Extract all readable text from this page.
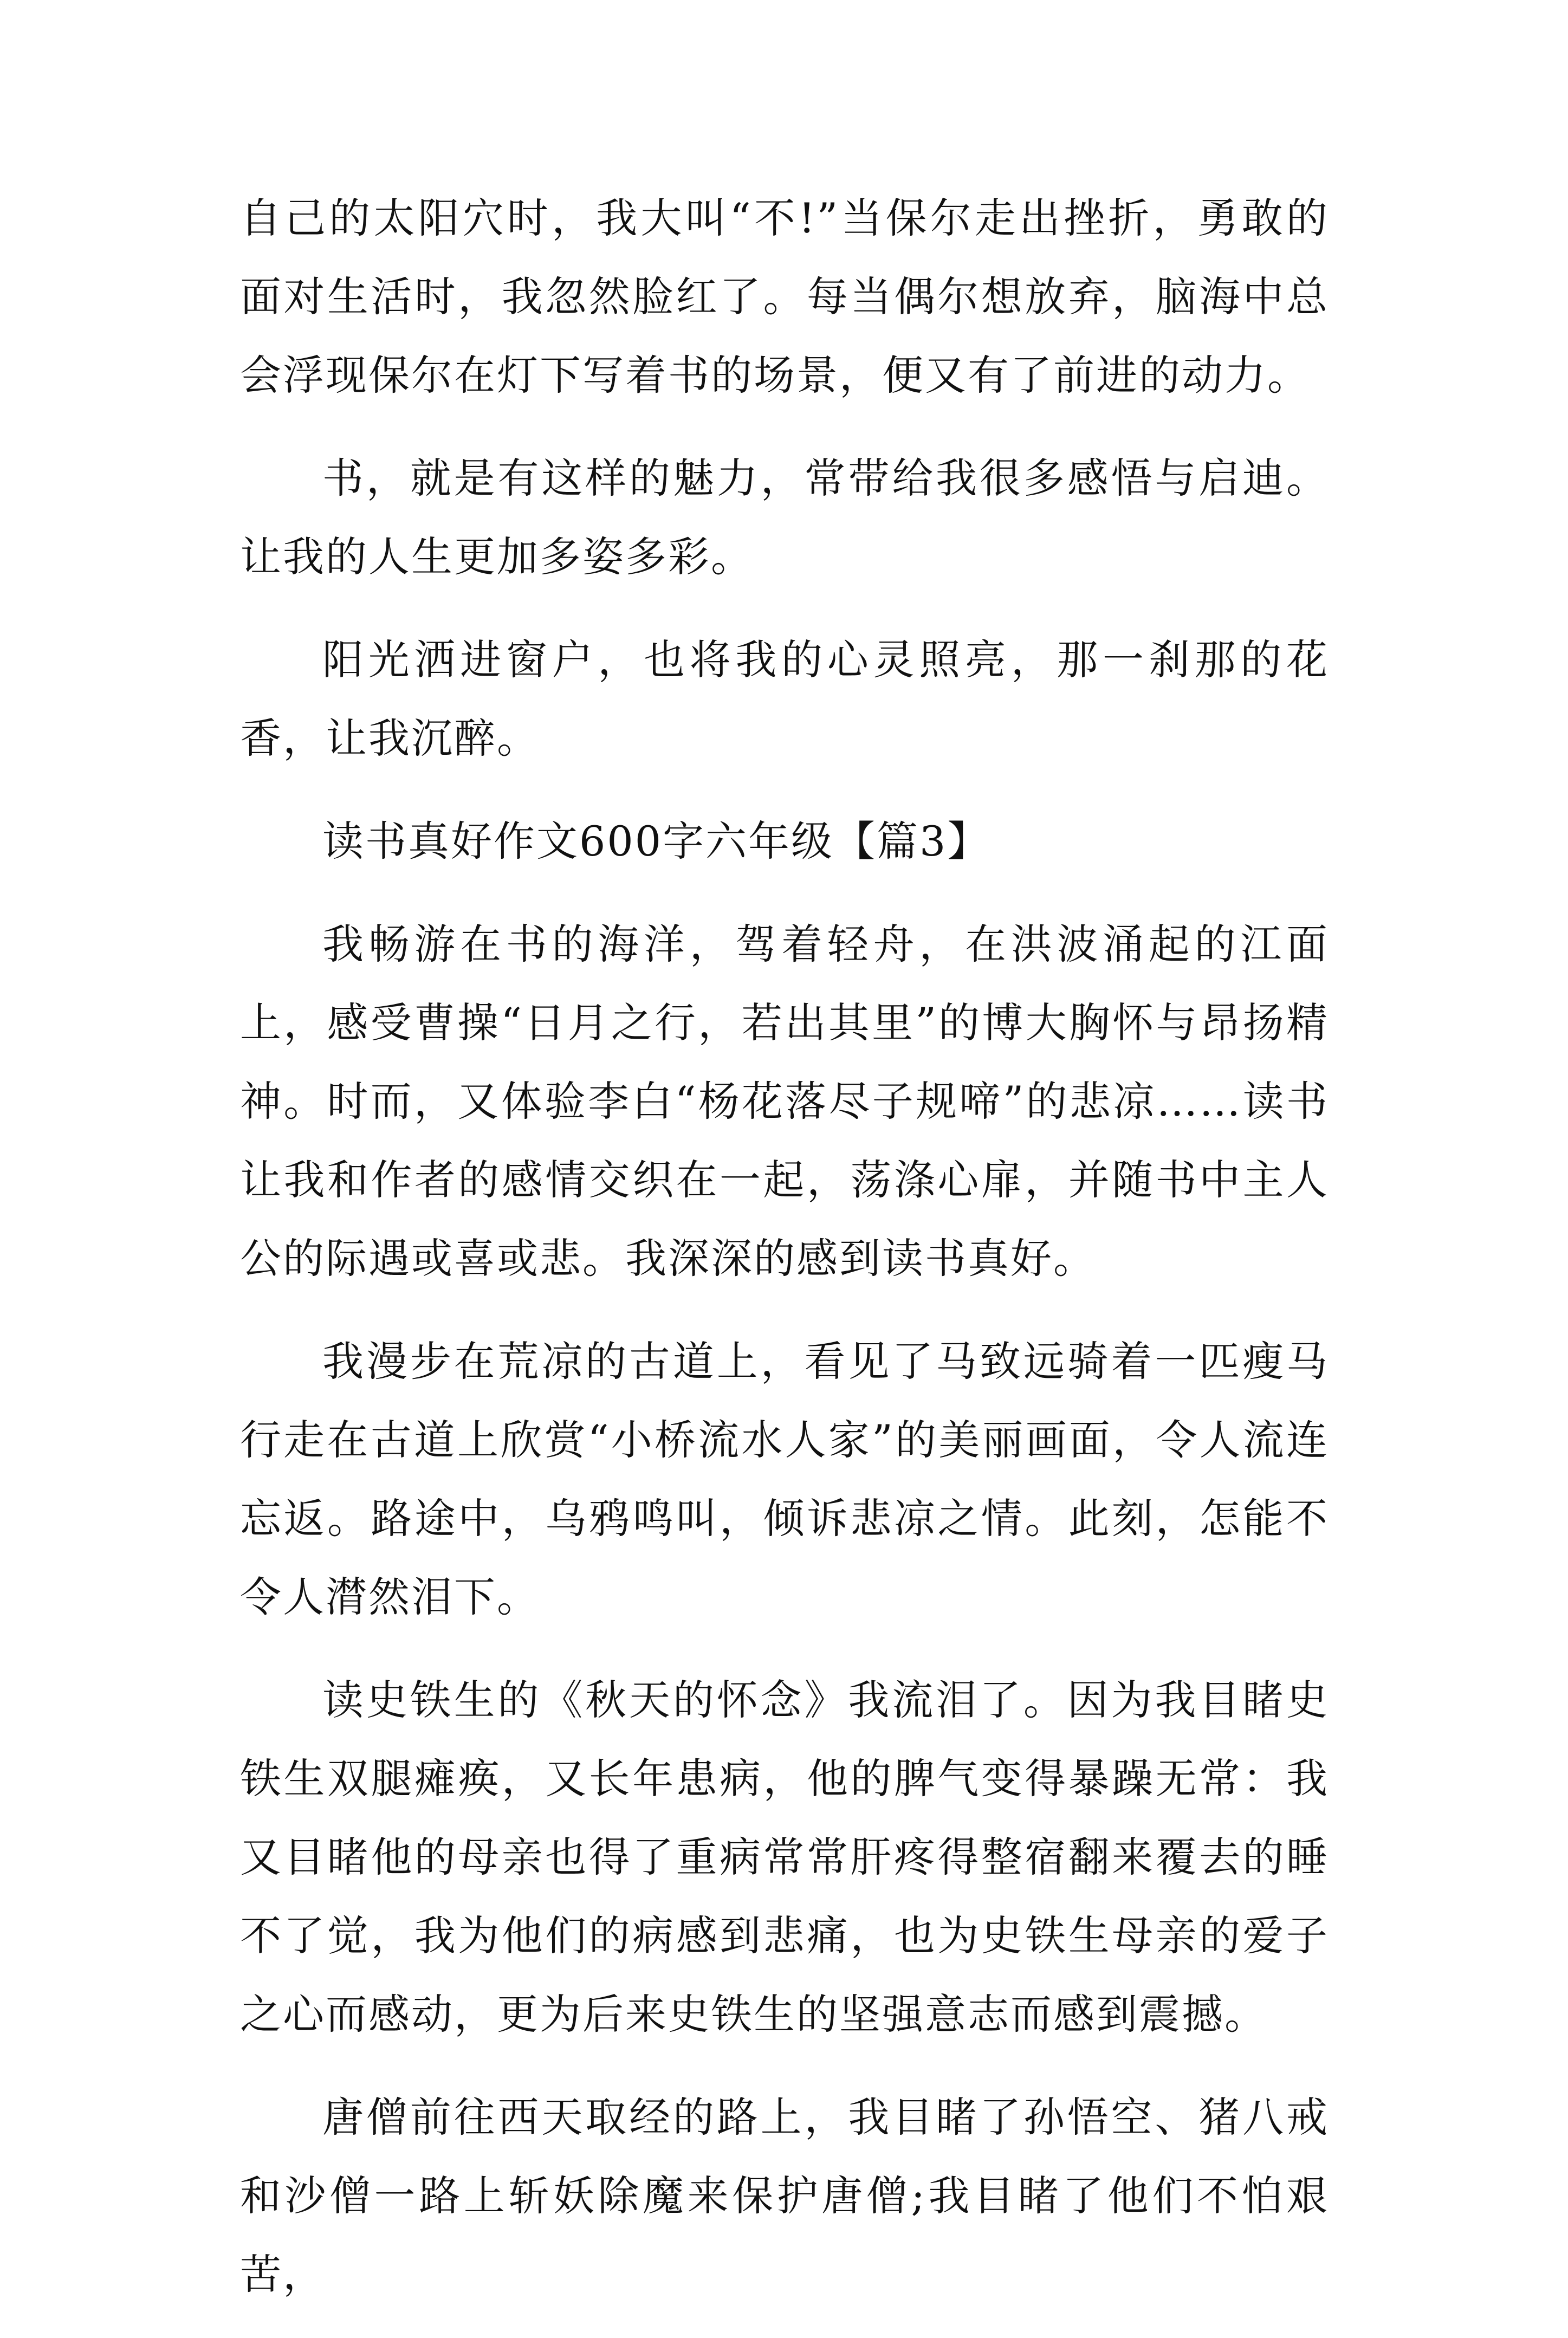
自己的太阳穴时，我大叫“不!”当保尔走出挫折，勇敢的面对生活时，我忽然脸红了。每当偶尔想放弃，脑海中总会浮现保尔在灯下写着书的场景，便又有了前进的动力。

书，就是有这样的魅力，常带给我很多感悟与启迪。让我的人生更加多姿多彩。

阳光洒进窗户，也将我的心灵照亮，那一刹那的花香，让我沉醉。

读书真好作文600字六年级【篇3】

我畅游在书的海洋，驾着轻舟，在洪波涌起的江面上，感受曹操“日月之行，若出其里”的博大胸怀与昂扬精神。时而，又体验李白“杨花落尽子规啼”的悲凉……读书让我和作者的感情交织在一起，荡涤心扉，并随书中主人公的际遇或喜或悲。我深深的感到读书真好。

我漫步在荒凉的古道上，看见了马致远骑着一匹瘦马行走在古道上欣赏“小桥流水人家”的美丽画面，令人流连忘返。路途中，乌鸦鸣叫，倾诉悲凉之情。此刻，怎能不令人潸然泪下。

读史铁生的《秋天的怀念》我流泪了。因为我目睹史铁生双腿瘫痪，又长年患病，他的脾气变得暴躁无常：我又目睹他的母亲也得了重病常常肝疼得整宿翻来覆去的睡不了觉，我为他们的病感到悲痛，也为史铁生母亲的爱子之心而感动，更为后来史铁生的坚强意志而感到震撼。

唐僧前往西天取经的路上，我目睹了孙悟空、猪八戒和沙僧一路上斩妖除魔来保护唐僧;我目睹了他们不怕艰苦，
